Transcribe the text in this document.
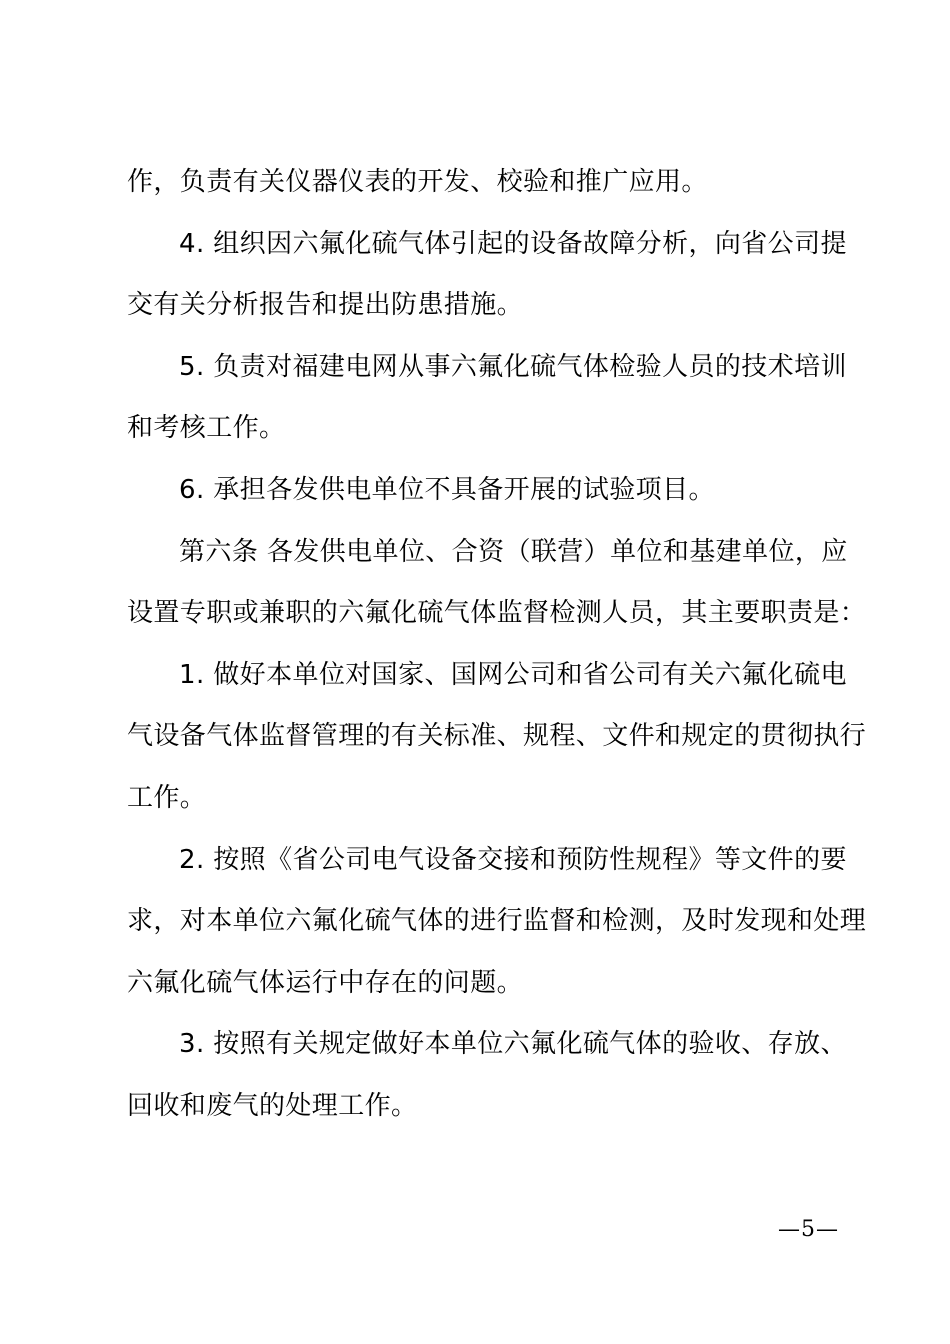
作，负责有关仪器仪表的开发、校验和推广应用。
4. 组织因六氟化硫气体引起的设备故障分析，向省公司提
交有关分析报告和提出防患措施。
5. 负责对福建电网从事六氟化硫气体检验人员的技术培训
和考核工作。
6. 承担各发供电单位不具备开展的试验项目。
第六条 各发供电单位、合资（联营）单位和基建单位，应
设置专职或兼职的六氟化硫气体监督检测人员，其主要职责是：
1. 做好本单位对国家、国网公司和省公司有关六氟化硫电
气设备气体监督管理的有关标准、规程、文件和规定的贯彻执行
工作。
2. 按照《省公司电气设备交接和预防性规程》等文件的要
求，对本单位六氟化硫气体的进行监督和检测，及时发现和处理
六氟化硫气体运行中存在的问题。
3. 按照有关规定做好本单位六氟化硫气体的验收、存放、
回收和废气的处理工作。
—5—
